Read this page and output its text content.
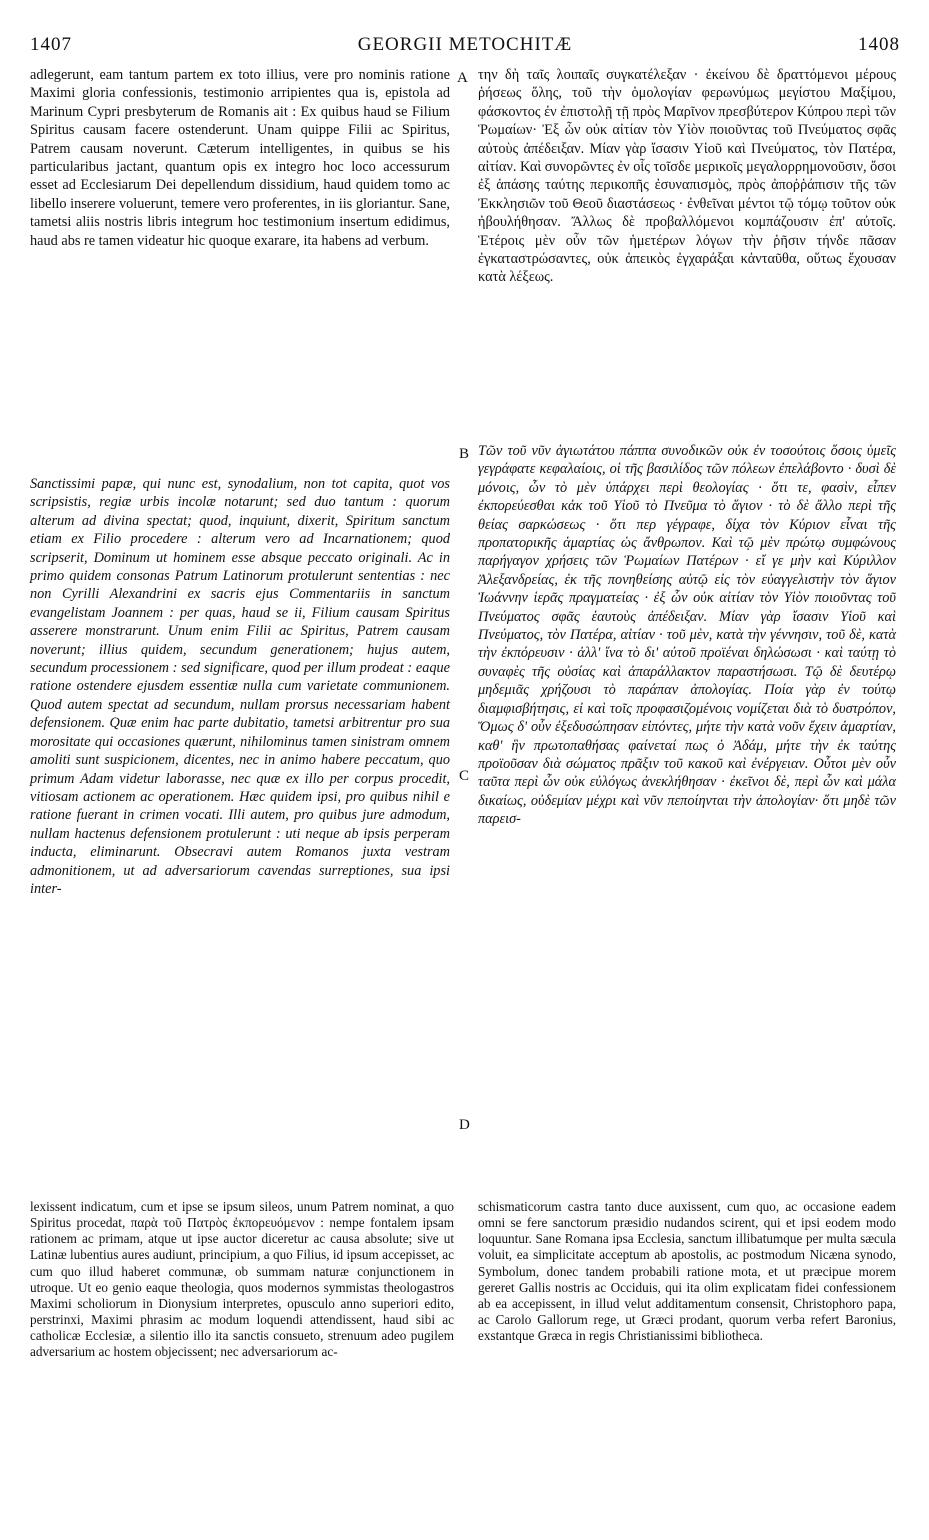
1407	GEORGII METOCHITÆ	1408

adlegerunt, eam tantum partem ex toto illius, vere pro nominis ratione Maximi gloria confessionis, testimonio arripientes qua is, epistola ad Marinum Cypri presbyterum de Romanis ait : Ex quibus haud se Filium Spiritus causam facere ostenderunt. Unam quippe Filii ac Spiritus, Patrem causam noverunt. Cæterum intelligentes, in quibus se his particularibus jactant, quantum opis ex integro hoc loco accessurum esset ad Ecclesiarum Dei depellendum dissidium, haud quidem tomo ac libello inserere voluerunt, temere vero proferentes, in iis gloriantur. Sane, tametsi aliis nostris libris integrum hoc testimonium insertum edidimus, haud abs re tamen videatur hic quoque exarare, ita habens ad verbum.

Sanctissimi papæ, qui nunc est, synodalium, non tot capita, quot vos scripsistis, regiæ urbis incolæ notarunt; sed duo tantum : quorum alterum ad divina spectat; quod, inquiunt, dixerit, Spiritum sanctum etiam ex Filio procedere : alterum vero ad Incarnationem; quod scripserit, Dominum ut hominem esse absque peccato originali. Ac in primo quidem consonas Patrum Latinorum protulerunt sententias : nec non Cyrilli Alexandrini ex sacris ejus Commentariis in sanctum evangelistam Joannem : per quas, haud se ii, Filium causam Spiritus asserere monstrarunt. Unum enim Filii ac Spiritus, Patrem causam noverunt; illius quidem, secundum generationem; hujus autem, secundum processionem : sed significare, quod per illum prodeat : eaque ratione ostendere ejusdem essentiæ nulla cum varietate communionem. Quod autem spectat ad secundum, nullam prorsus necessariam habent defensionem. Quæ enim hac parte dubitatio, tametsi arbitrentur pro sua morositate qui occasiones quærunt, nihilominus tamen sinistram omnem amoliti sunt suspicionem, dicentes, nec in animo habere peccatum, quo primum Adam videtur laborasse, nec quæ ex illo per corpus procedit, vitiosam actionem ac operationem. Hæc quidem ipsi, pro quibus nihil e ratione fuerant in crimen vocati. Illi autem, pro quibus jure admodum, nullam hactenus defensionem protulerunt : uti neque ab ipsis perperam inducta, eliminarunt. Obsecravi autem Romanos juxta vestram admonitionem, ut ad adversariorum cavendas surreptiones, sua ipsi inter-

A
B
C
D

την δὴ ταῖς λοιπαῖς συγκατέλεξαν · ἐκείνου δὲ δραττόμενοι μέρους ῥήσεως ὅλης, τοῦ τὴν ὁμολογίαν φερωνύμως μεγίστου Μαξίμου, φάσκοντος ἐν ἐπιστολῇ τῇ πρὸς Μαρῖνον πρεσβύτερον Κύπρου περὶ τῶν Ῥωμαίων· Ἐξ ὧν οὐκ αἰτίαν τὸν Υἱὸν ποιοῦντας τοῦ Πνεύματος σφᾶς αὐτοὺς ἀπέδειξαν. Μίαν γὰρ ἴσασιν Υἱοῦ καὶ Πνεύματος, τὸν Πατέρα, αἰτίαν. Καὶ συνορῶντες ἐν οἷς τοῖσδε μερικοῖς μεγαλορρημονοῦσιν, ὅσοι ἐξ ἁπάσης ταύτης περικοπῆς ἐσυναπισμὸς, πρὸς ἀποῤῥάπισιν τῆς τῶν Ἐκκλησιῶν τοῦ Θεοῦ διαστάσεως · ἐνθεῖναι μέντοι τῷ τόμῳ τοῦτον οὐκ ἠβουλήθησαν. Ἄλλως δὲ προβαλλόμενοι κομπάζουσιν ἐπ' αὐτοῖς. Ἑτέροις μὲν οὖν τῶν ἡμετέρων λόγων τὴν ῥῆσιν τήνδε πᾶσαν ἐγκαταστρώσαντες, οὐκ ἀπεικὸς ἐγχαράξαι κἀνταῦθα, οὕτως ἔχουσαν κατὰ λέξεως.

Τῶν τοῦ νῦν ἁγιωτάτου πάππα συνοδικῶν οὐκ ἐν τοσούτοις ὅσοις ὑμεῖς γεγράφατε κεφαλαίοις, οἱ τῆς βασιλίδος τῶν πόλεων ἐπελάβοντο · δυσὶ δὲ μόνοις, ὧν τὸ μὲν ὑπάρχει περὶ θεολογίας · ὅτι τε, φασὶν, εἶπεν ἐκπορεύεσθαι κἀκ τοῦ Υἱοῦ τὸ Πνεῦμα τὸ ἅγιον · τὸ δὲ ἄλλο περὶ τῆς θείας σαρκώσεως · ὅτι περ γέγραφε, δίχα τὸν Κύριον εἶναι τῆς προπατορικῆς ἁμαρτίας ὡς ἄνθρωπον. Καὶ τῷ μὲν πρώτῳ συμφώνους παρήγαγον χρήσεις τῶν Ῥωμαίων Πατέρων · εἴ γε μὴν καὶ Κύριλλον Ἀλεξανδρείας, ἐκ τῆς πονηθείσης αὐτῷ εἰς τὸν εὐαγγελιστὴν τὸν ἅγιον Ἰωάννην ἱερᾶς πραγματείας · ἐξ ὧν οὐκ αἰτίαν τὸν Υἱὸν ποιοῦντας τοῦ Πνεύματος σφᾶς ἑαυτοὺς ἀπέδειξαν. Μίαν γὰρ ἴσασιν Υἱοῦ καὶ Πνεύματος, τὸν Πατέρα, αἰτίαν · τοῦ μὲν, κατὰ τὴν γέννησιν, τοῦ δὲ, κατὰ τὴν ἐκπόρευσιν · ἀλλ' ἵνα τὸ δι' αὐτοῦ προϊέναι δηλώσωσι · καὶ ταύτῃ τὸ συναφὲς τῆς οὐσίας καὶ ἀπαράλλακτον παραστήσωσι. Τῷ δὲ δευτέρῳ μηδεμιᾶς χρήζουσι τὸ παράπαν ἀπολογίας. Ποία γὰρ ἐν τούτῳ διαμφισβήτησις, εἰ καὶ τοῖς προφασιζομένοις νομίζεται διὰ τὸ δυστρόπον, Ὅμως δ' οὖν ἐξεδυσώπησαν εἰπόντες, μήτε τὴν κατὰ νοῦν ἔχειν ἁμαρτίαν, καθ' ἣν πρωτοπαθήσας φαίνεταί πως ὁ Ἀδάμ, μήτε τὴν ἐκ ταύτης προϊοῦσαν διὰ σώματος πρᾶξιν τοῦ κακοῦ καὶ ἐνέργειαν. Οὗτοι μὲν οὖν ταῦτα περὶ ὧν οὐκ εὐλόγως ἀνεκλήθησαν · ἐκεῖνοι δὲ, περὶ ὧν καὶ μάλα δικαίως, οὐδεμίαν μέχρι καὶ νῦν πεποίηνται τὴν ἀπολογίαν· ὅτι μηδὲ τῶν παρεισ-

lexissent indicatum, cum et ipse se ipsum sileos, unum Patrem nominat, a quo Spiritus procedat, παρὰ τοῦ Πατρὸς ἐκπορευόμενον : nempe fontalem ipsam rationem ac primam, atque ut ipse auctor diceretur ac causa absolute; sive ut Latinæ lubentius aures audiunt, principium, a quo Filius, id ipsum accepisset, ac cum quo illud haberet communæ, ob summam naturæ conjunctionem in utroque. Ut eo genio eaque theologia, quos modernos symmistas theologastros Maximi scholiorum in Dionysium interpretes, opusculo anno superiori edito, perstrinxi, Maximi phrasim ac modum loquendi attendissent, haud sibi ac catholicæ Ecclesiæ, a silentio illo ita sanctis consueto, strenuum adeo pugilem adversarium ac hostem objecissent; nec adversariorum ac-

schismaticorum castra tanto duce auxissent, cum quo, ac occasione eadem omni se fere sanctorum præsidio nudandos scirent, qui et ipsi eodem modo loquuntur. Sane Romana ipsa Ecclesia, sanctum illibatumque per multa sæcula voluit, ea simplicitate acceptum ab apostolis, ac postmodum Nicæna synodo, Symbolum, donec tandem probabili ratione mota, et ut præcipue morem gereret Gallis nostris ac Occiduis, qui ita olim explicatam fidei confessionem ab ea accepissent, in illud velut additamentum consensit, Christophoro papa, ac Carolo Gallorum rege, ut Græci prodant, quorum verba refert Baronius, exstantque Græca in regis Christianissimi bibliotheca.
